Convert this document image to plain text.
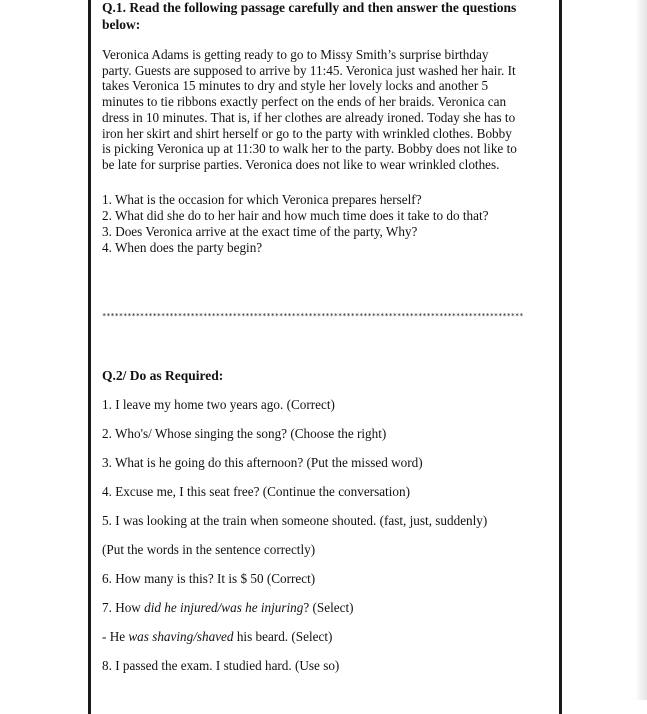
Q.1. Read the following passage carefully and then answer the questions
below:
Veronica Adams is getting ready to go to Missy Smith’s surprise birthday
party. Guests are supposed to arrive by 11:45. Veronica just washed her hair. It
takes Veronica 15 minutes to dry and style her lovely locks and another 5
minutes to tie ribbons exactly perfect on the ends of her braids. Veronica can
dress in 10 minutes. That is, if her clothes are already ironed. Today she has to
iron her skirt and shirt herself or go to the party with wrinkled clothes. Bobby
is picking Veronica up at 11:30 to walk her to the party. Bobby does not like to
be late for surprise parties. Veronica does not like to wear wrinkled clothes.
1. What is the occasion for which Veronica prepares herself?
2. What did she do to her hair and how much time does it take to do that?
3. Does Veronica arrive at the exact time of the party, Why?
4. When does the party begin?
****************************************************************************************************
Q.2/ Do as Required:
1. I leave my home two years ago. (Correct)
2. Who's/ Whose singing the song? (Choose the right)
3. What is he going do this afternoon? (Put the missed word)
4. Excuse me, I this seat free? (Continue the conversation)
5. I was looking at the train when someone shouted. (fast, just, suddenly)
(Put the words in the sentence correctly)
6. How many is this? It is $ 50 (Correct)
7. How did he injured/was he injuring? (Select)
- He was shaving/shaved his beard. (Select)
8. I passed the exam. I studied hard. (Use so)
